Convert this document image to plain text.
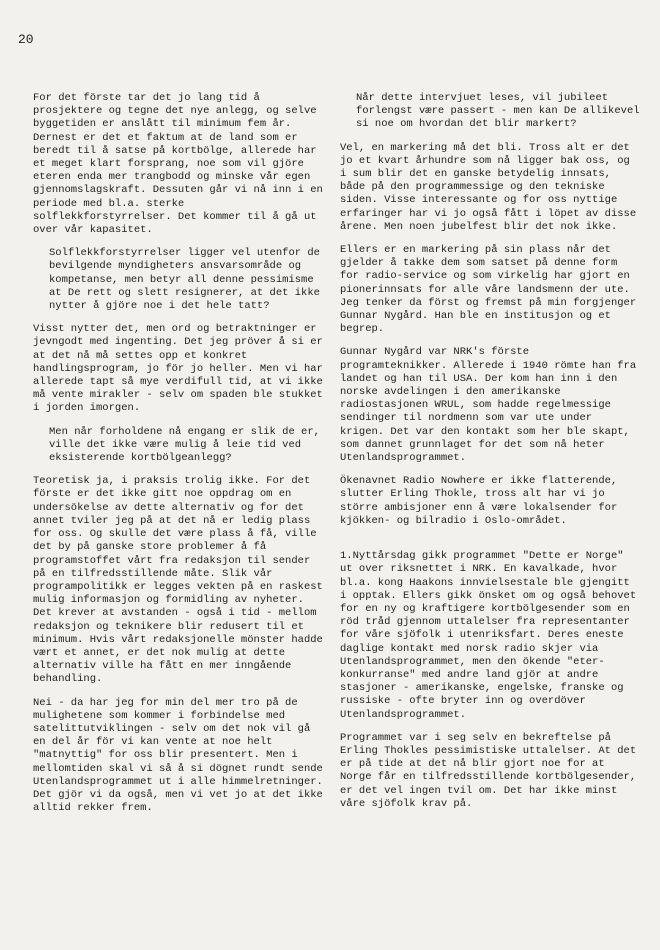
20

For det förste tar det jo lang tid å prosjektere og tegne det nye anlegg, og selve byggetiden er anslått til minimum fem år. Dernest er det et faktum at de land som er beredt til å satse på kortbölge, allerede har et meget klart forsprang, noe som vil gjöre eteren enda mer trangbodd og minske vår egen gjennomslagskraft. Dessuten går vi nå inn i en periode med bl.a. sterke solflekkforstyrrelser. Det kommer til å gå ut over vår kapasitet.

Solflekkforstyrrelser ligger vel utenfor de bevilgende myndigheters ansvarsområde og kompetanse, men betyr all denne pessimisme at De rett og slett resignerer, at det ikke nytter å gjöre noe i det hele tatt?

Visst nytter det, men ord og betraktninger er jevngodt med ingenting. Det jeg pröver å si er at det nå må settes opp et konkret handlingsprogram, jo för jo heller. Men vi har allerede tapt så mye verdifull tid, at vi ikke må vente mirakler - selv om spaden ble stukket i jorden imorgen.

Men når forholdene nå engang er slik de er, ville det ikke være mulig å leie tid ved eksisterende kortbölgeanlegg?

Teoretisk ja, i praksis trolig ikke. For det förste er det ikke gitt noe oppdrag om en undersökelse av dette alternativ og for det annet tviler jeg på at det nå er ledig plass for oss. Og skulle det være plass å få, ville det by på ganske store problemer å få programstoffet vårt fra redaksjon til sender på en tilfredsstillende måte. Slik vår programpolitikk er legges vekten på en raskest mulig informasjon og formidling av nyheter. Det krever at avstanden - også i tid - mellom redaksjon og teknikere blir redusert til et minimum. Hvis vårt redaksjonelle mönster hadde vært et annet, er det nok mulig at dette alternativ ville ha fått en mer inngående behandling.

Nei - da har jeg for min del mer tro på de mulighetene som kommer i forbindelse med satelittutviklingen - selv om det nok vil gå en del år för vi kan vente at noe helt "matnyttig" for oss blir presentert. Men i mellomtiden skal vi så å si dögnet rundt sende Utenlandsprogrammet ut i alle himmelretninger. Det gjör vi da også, men vi vet jo at det ikke alltid rekker frem.

Når dette intervjuet leses, vil jubileet forlengst være passert - men kan De allikevel si noe om hvordan det blir markert?

Vel, en markering må det bli. Tross alt er det jo et kvart århundre som nå ligger bak oss, og i sum blir det en ganske betydelig innsats, både på den programmessige og den tekniske siden. Visse interessante og for oss nyttige erfaringer har vi jo også fått i löpet av disse årene. Men noen jubelfest blir det nok ikke.

Ellers er en markering på sin plass når det gjelder å takke dem som satset på denne form for radio-service og som virkelig har gjort en pionerinnsats for alle våre landsmenn der ute. Jeg tenker da först og fremst på min forgjenger Gunnar Nygård. Han ble en institusjon og et begrep.

Gunnar Nygård var NRK's förste programteknikker. Allerede i 1940 römte han fra landet og han til USA. Der kom han inn i den norske avdelingen i den amerikanske radiostasjonen WRUL, som hadde regelmessige sendinger til nordmenn som var ute under krigen. Det var den kontakt som her ble skapt, som dannet grunnlaget for det som nå heter Utenlandsprogrammet.

Ökenavnet Radio Nowhere er ikke flatterende, slutter Erling Thokle, tross alt har vi jo större ambisjoner enn å være lokalsender for kjökken- og bilradio i Oslo-området.

1.Nyttårsdag gikk programmet "Dette er Norge" ut over riksnettet i NRK. En kavalkade, hvor bl.a. kong Haakons innvielsestale ble gjengitt i opptak. Ellers gikk önsket om og også behovet for en ny og kraftigere kortbölgesender som en röd tråd gjennom uttalelser fra representanter for våre sjöfolk i utenriksfart. Deres eneste daglige kontakt med norsk radio skjer via Utenlandsprogrammet, men den ökende "eter-konkurranse" med andre land gjör at andre stasjoner - amerikanske, engelske, franske og russiske - ofte bryter inn og overdöver Utenlandsprogrammet.

Programmet var i seg selv en bekreftelse på Erling Thokles pessimistiske uttalelser. At det er på tide at det nå blir gjort noe for at Norge får en tilfredsstillende kortbölgesender, er det vel ingen tvil om. Det har ikke minst våre sjöfolk krav på.
